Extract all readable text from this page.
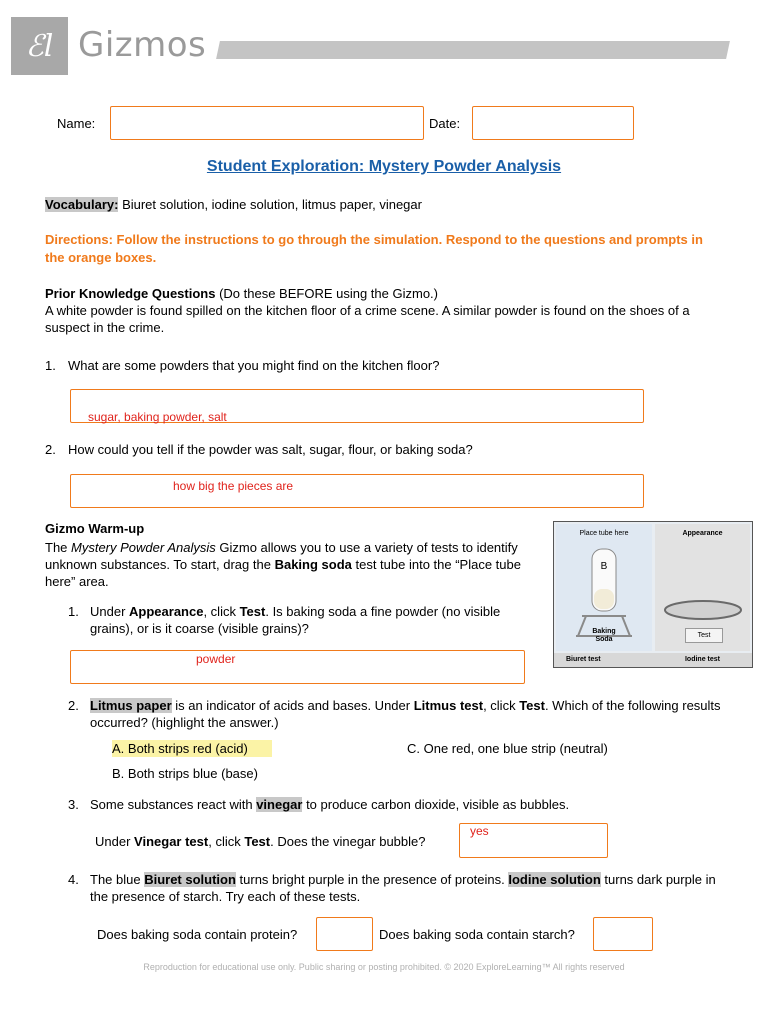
ℰl Gizmos
Name:	Date:
Student Exploration: Mystery Powder Analysis
Vocabulary: Biuret solution, iodine solution, litmus paper, vinegar
Directions: Follow the instructions to go through the simulation. Respond to the questions and prompts in the orange boxes.
Prior Knowledge Questions (Do these BEFORE using the Gizmo.)
A white powder is found spilled on the kitchen floor of a crime scene. A similar powder is found on the shoes of a suspect in the crime.
1. What are some powders that you might find on the kitchen floor?
sugar, baking powder, salt
2. How could you tell if the powder was salt, sugar, flour, or baking soda?
how big the pieces are
Gizmo Warm-up
The Mystery Powder Analysis Gizmo allows you to use a variety of tests to identify unknown substances. To start, drag the Baking soda test tube into the “Place tube here” area.
Place tube here
B
Baking Soda
Appearance
Test
Biuret test	Iodine test
1. Under Appearance, click Test. Is baking soda a fine powder (no visible grains), or is it coarse (visible grains)?
powder
2. Litmus paper is an indicator of acids and bases. Under Litmus test, click Test. Which of the following results occurred? (highlight the answer.)
A. Both strips red (acid)	C. One red, one blue strip (neutral)
B. Both strips blue (base)
3. Some substances react with vinegar to produce carbon dioxide, visible as bubbles.
Under Vinegar test, click Test. Does the vinegar bubble?
yes
4. The blue Biuret solution turns bright purple in the presence of proteins. Iodine solution turns dark purple in the presence of starch. Try each of these tests.
Does baking soda contain protein?	Does baking soda contain starch?
Reproduction for educational use only. Public sharing or posting prohibited. © 2020 ExploreLearning™ All rights reserved
